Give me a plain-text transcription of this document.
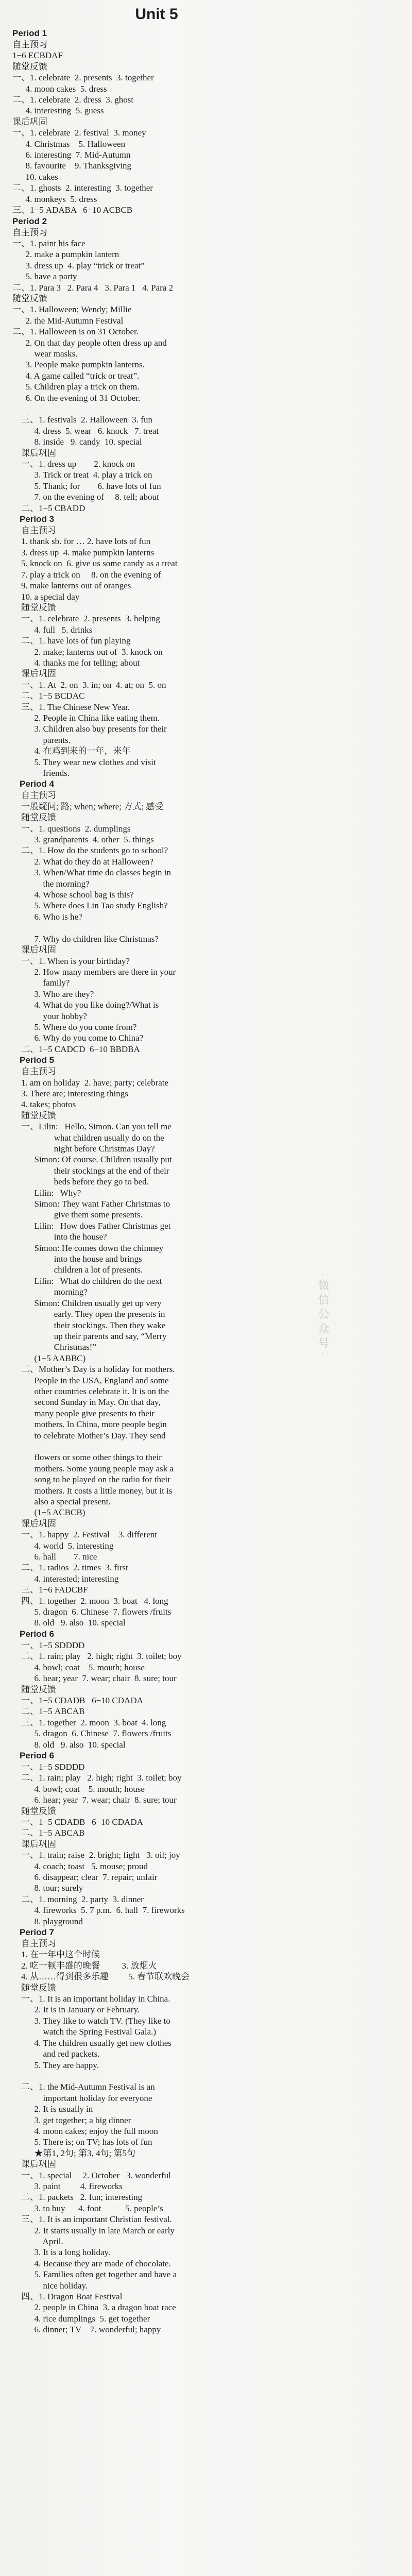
Unit 5
Period 1
自主预习
1−6 ECBDAF
随堂反馈
一、1. celebrate  2. presents  3. together
4. moon cakes  5. dress
二、1. celebrate  2. dress  3. ghost
4. interesting  5. guess
课后巩固
一、1. celebrate  2. festival  3. money
4. Christmas    5. Halloween
6. interesting  7. Mid-Autumn
8. favourite    9. Thanksgiving
10. cakes
二、1. ghosts  2. interesting  3. together
4. monkeys  5. dress
三、1−5 ADABA   6−10 ACBCB
Period 2
自主预习
一、1. paint his face
2. make a pumpkin lantern
3. dress up  4. play “trick or treat”
5. have a party
二、1. Para 3   2. Para 4   3. Para 1   4. Para 2
随堂反馈
一、1. Halloween; Wendy; Millie
2. the Mid-Autumn Festival
二、1. Halloween is on 31 October.
2. On that day people often dress up and
wear masks.
3. People make pumpkin lanterns.
4. A game called “trick or treat”.
5. Children play a trick on them.
6. On the evening of 31 October.

三、1. festivals  2. Halloween  3. fun
4. dress  5. wear   6. knock   7. treat
8. inside   9. candy  10. special
课后巩固
一、1. dress up        2. knock on
3. Trick or treat  4. play a trick on
5. Thank; for        6. have lots of fun
7. on the evening of     8. tell; about
二、1−5 CBADD
Period 3
自主预习
1. thank sb. for … 2. have lots of fun
3. dress up  4. make pumpkin lanterns
5. knock on  6. give us some candy as a treat
7. play a trick on     8. on the evening of
9. make lanterns out of oranges
10. a special day
随堂反馈
一、1. celebrate  2. presents  3. helping
4. full   5. drinks
二、1. have lots of fun playing
2. make; lanterns out of  3. knock on
4. thanks me for telling; about
课后巩固
一、1. At  2. on  3. in; on  4. at; on  5. on
二、1−5 BCDAC
三、1. The Chinese New Year.
2. People in China like eating them.
3. Children also buy presents for their
parents.
4. 在鸡到来的一年，来年
5. They wear new clothes and visit
friends.
Period 4
自主预习
一般疑问; 路; when; where; 方式; 感受
随堂反馈
一、1. questions  2. dumplings
3. grandparents  4. other  5. things
二、1. How do the students go to school?
2. What do they do at Halloween?
3. When/What time do classes begin in
the morning?
4. Whose school bag is this?
5. Where does Lin Tao study English?
6. Who is he?

7. Why do children like Christmas?
课后巩固
一、1. When is your birthday?
2. How many members are there in your
family?
3. Who are they?
4. What do you like doing?/What is
your hobby?
5. Where do you come from?
6. Why do you come to China?
二、1−5 CADCD  6−10 BBDBA
Period 5
自主预习
1. am on holiday  2. have; party; celebrate
3. There are; interesting things
4. takes; photos
随堂反馈
一、Lilin:   Hello, Simon. Can you tell me
what children usually do on the
night before Christmas Day?
Simon: Of course. Children usually put
their stockings at the end of their
beds before they go to bed.
Lilin:   Why?
Simon: They want Father Christmas to
give them some presents.
Lilin:   How does Father Christmas get
into the house?
Simon: He comes down the chimney
into the house and brings
children a lot of presents.
Lilin:   What do children do the next
morning?
Simon: Children usually get up very
early. They open the presents in
their stockings. Then they wake
up their parents and say, “Merry
Christmas!”
(1−5 AABBC)
二、Mother’s Day is a holiday for mothers.
People in the USA, England and some
other countries celebrate it. It is on the
second Sunday in May. On that day,
many people give presents to their
mothers. In China, more people begin
to celebrate Mother’s Day. They send

flowers or some other things to their
mothers. Some young people may ask a
song to be played on the radio for their
mothers. It costs a little money, but it is
also a special present.
(1−5 ACBCB)
课后巩固
一、1. happy  2. Festival    3. different
4. world  5. interesting
6. hall        7. nice
二、1. radios  2. times  3. first
4. interested; interesting
三、1−6 FADCBF
四、1. together  2. moon  3. boat   4. long
5. dragon  6. Chinese  7. flowers /fruits
8. old   9. also  10. special
Period 6
一、1−5 SDDDD
二、1. rain; play   2. high; right  3. toilet; boy
4. bowl; coat    5. mouth; house
6. hear; year  7. wear; chair  8. sure; tour
随堂反馈
一、1−5 CDADB   6−10 CDADA
二、1−5 ABCAB
三、1. together  2. moon  3. boat  4. long
5. dragon  6. Chinese  7. flowers /fruits
8. old   9. also  10. special
Period 6
一、1−5 SDDDD
二、1. rain; play   2. high; right  3. toilet; boy
4. bowl; coat    5. mouth; house
6. hear; year  7. wear; chair  8. sure; tour
随堂反馈
一、1−5 CDADB   6−10 CDADA
二、1−5 ABCAB
课后巩固
一、1. train; raise  2. bright; fight   3. oil; joy
4. coach; toast   5. mouse; proud
6. disappear; clear  7. repair; unfair
8. tour; surely
二、1. morning  2. party  3. dinner
4. fireworks  5. 7 p.m.  6. hall  7. fireworks
8. playground
Period 7
自主预习
1. 在一年中这个时候
2. 吃一顿丰盛的晚餐          3. 放烟火
4. 从……得到很多乐趣         5. 春节联欢晚会
随堂反馈
一、1. It is an important holiday in China.
2. It is in January or February.
3. They like to watch TV. (They like to
watch the Spring Festival Gala.)
4. The children usually get new clothes
and red packets.
5. They are happy.

二、1. the Mid-Autumn Festival is an
important holiday for everyone
2. It is usually in
3. get together; a big dinner
4. moon cakes; enjoy the full moon
5. There is; on TV; has lots of fun
★第1, 2句; 第3, 4句; 第5句
课后巩固
一、1. special     2. October   3. wonderful
3. paint         4. fireworks
二、1. packets   2. fun; interesting
3. to buy      4. foot           5. people’s
三、1. It is an important Christian festival.
2. It starts usually in late March or early
April.
3. It is a long holiday.
4. Because they are made of chocolate.
5. Families often get together and have a
nice holiday.
四、1. Dragon Boat Festival
2. people in China  3. a dragon boat race
4. rice dumplings  5. get together
6. dinner; TV    7. wonderful; happy
·微信公众号·
